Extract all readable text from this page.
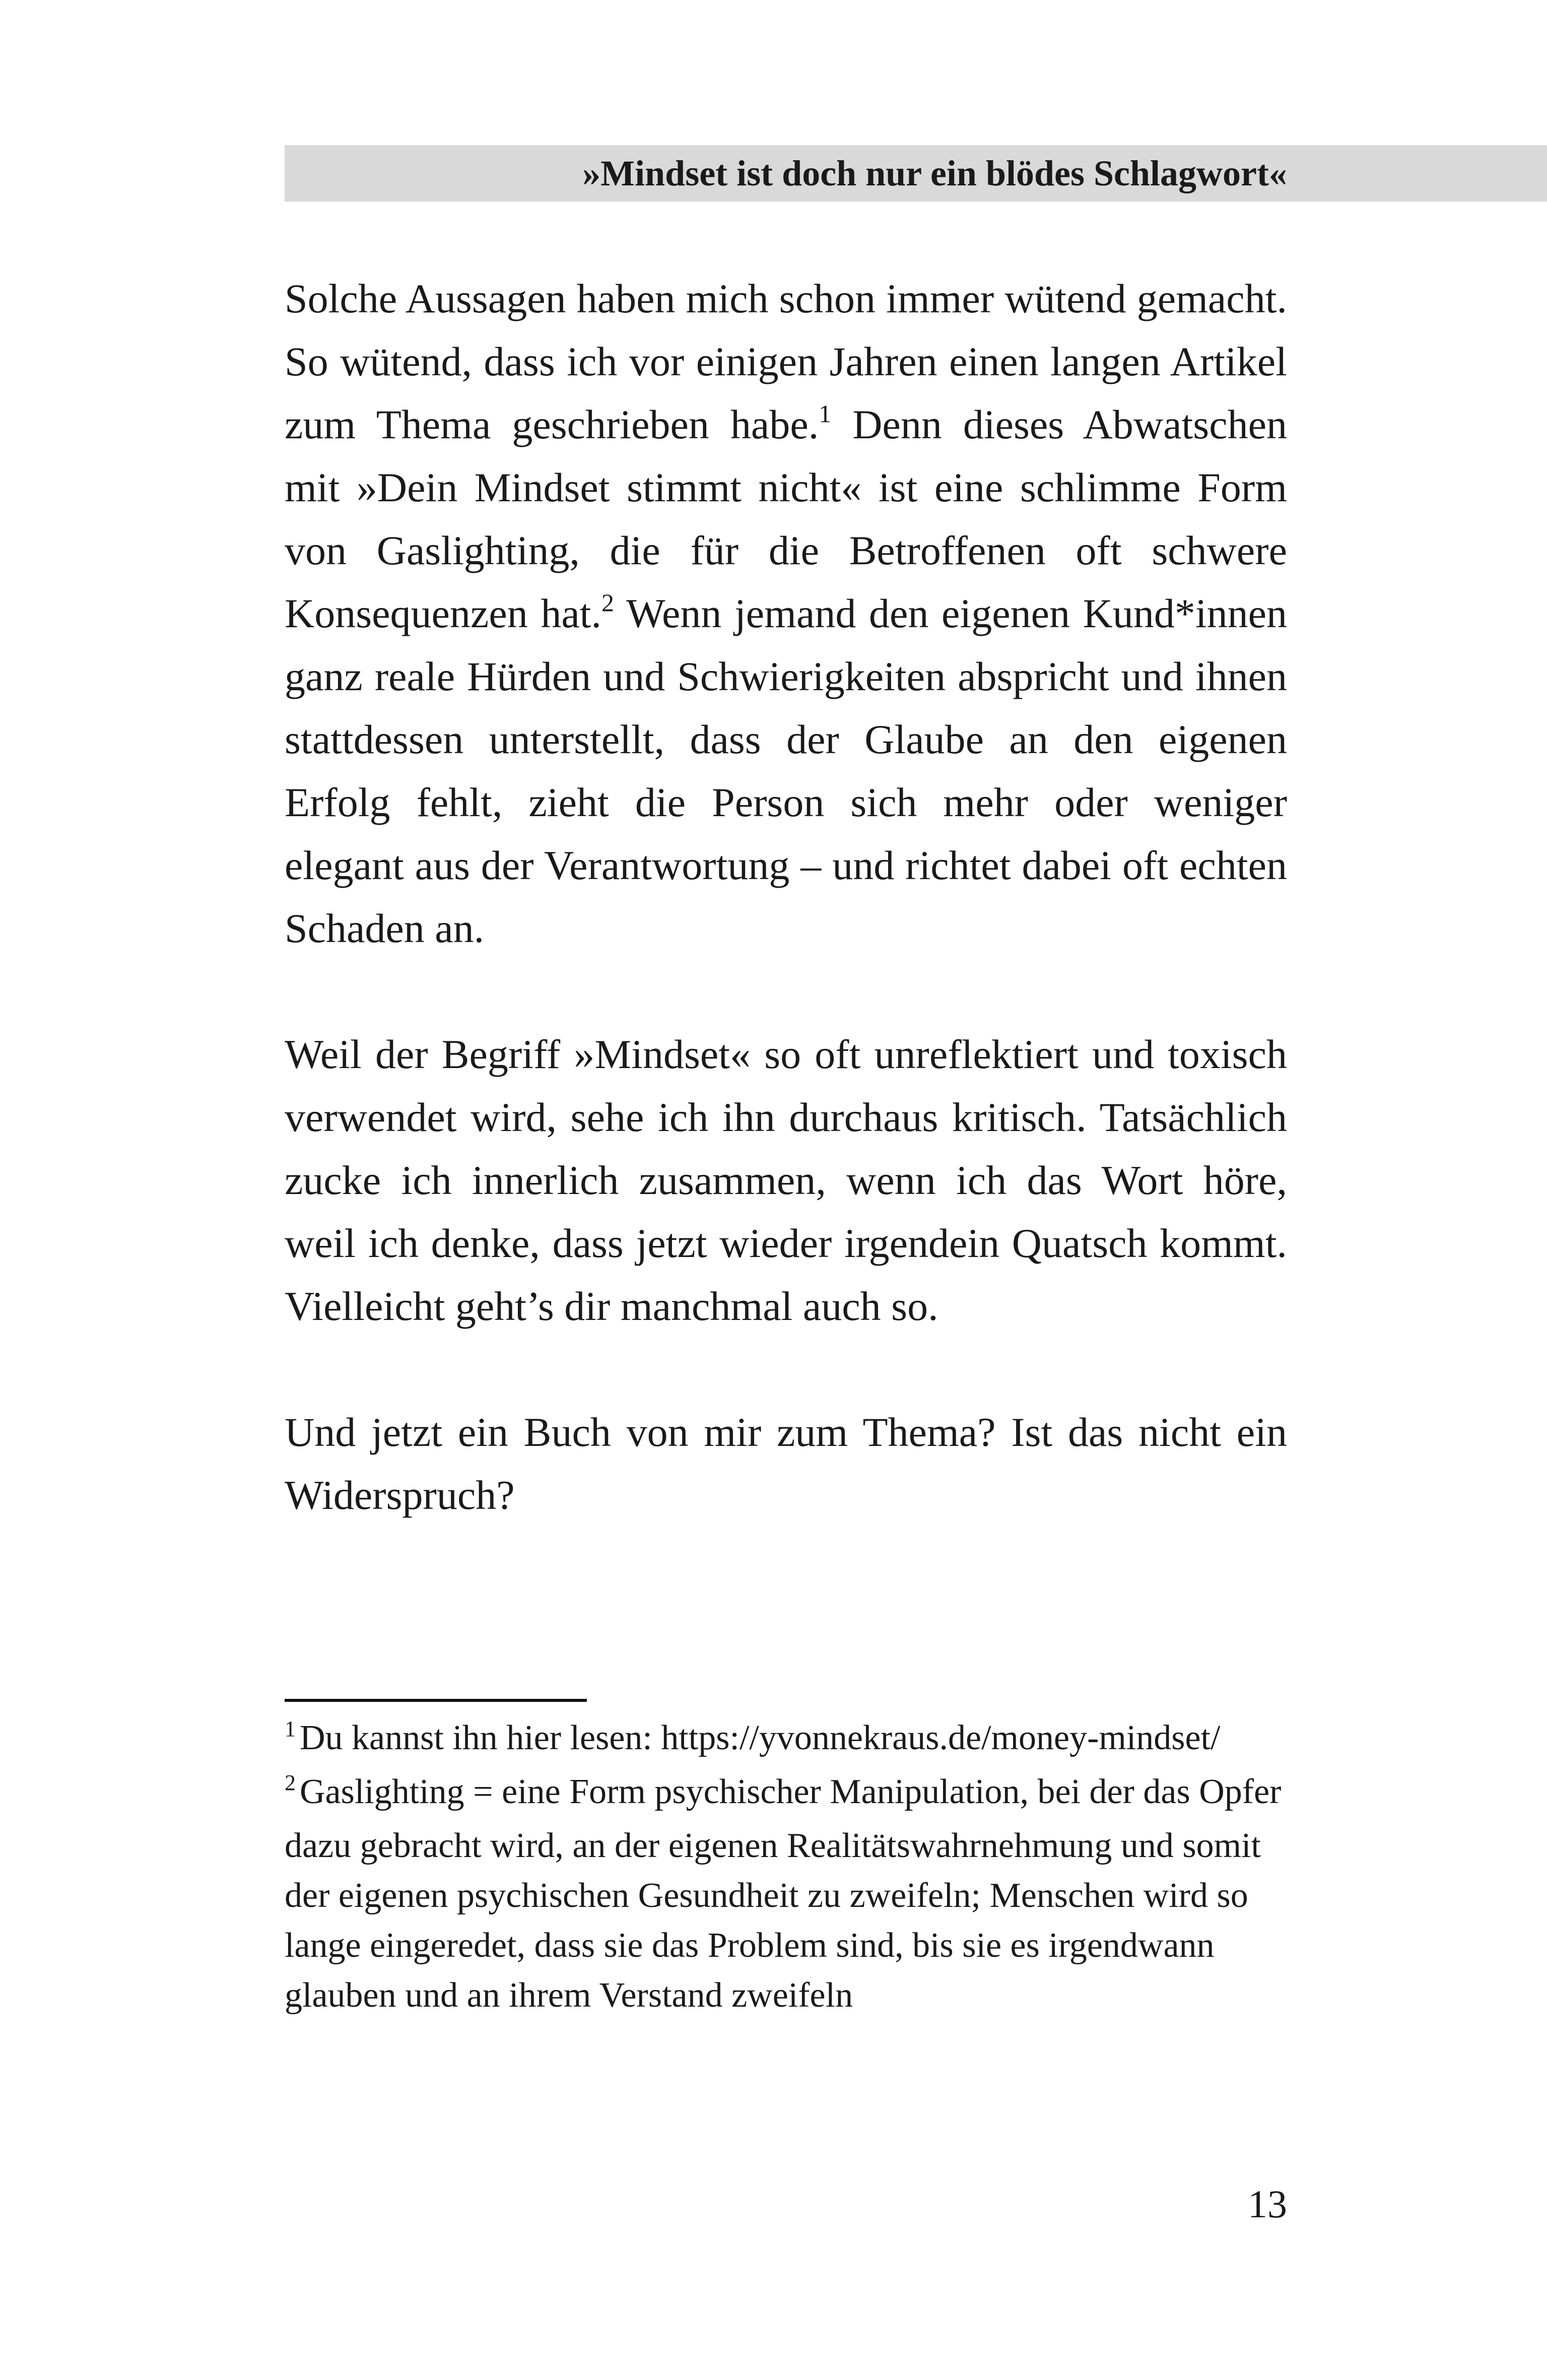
»Mindset ist doch nur ein blödes Schlagwort«

Solche Aussagen haben mich schon immer wütend gemacht. So wütend, dass ich vor einigen Jahren einen langen Artikel zum Thema geschrieben habe.$^1$ Denn dieses Abwatschen mit »Dein Mindset stimmt nicht« ist eine schlimme Form von Gaslighting, die für die Betroffenen oft schwere Konsequenzen hat.$^2$ Wenn jemand den eigenen Kund*innen ganz reale Hürden und Schwierigkeiten abspricht und ihnen stattdessen unterstellt, dass der Glaube an den eigenen Erfolg fehlt, zieht die Person sich mehr oder weniger elegant aus der Verantwortung – und richtet dabei oft echten Schaden an.

Weil der Begriff »Mindset« so oft unreflektiert und toxisch verwendet wird, sehe ich ihn durchaus kritisch. Tatsächlich zucke ich innerlich zusammen, wenn ich das Wort höre, weil ich denke, dass jetzt wieder irgendein Quatsch kommt. Vielleicht geht’s dir manchmal auch so.

Und jetzt ein Buch von mir zum Thema? Ist das nicht ein Widerspruch?

$^1$ Du kannst ihn hier lesen: https://yvonnekraus.de/money-mindset/

$^2$ Gaslighting = eine Form psychischer Manipulation, bei der das Opfer dazu gebracht wird, an der eigenen Realitätswahrnehmung und somit der eigenen psychischen Gesundheit zu zweifeln; Menschen wird so lange eingeredet, dass sie das Problem sind, bis sie es irgendwann glauben und an ihrem Verstand zweifeln

13
